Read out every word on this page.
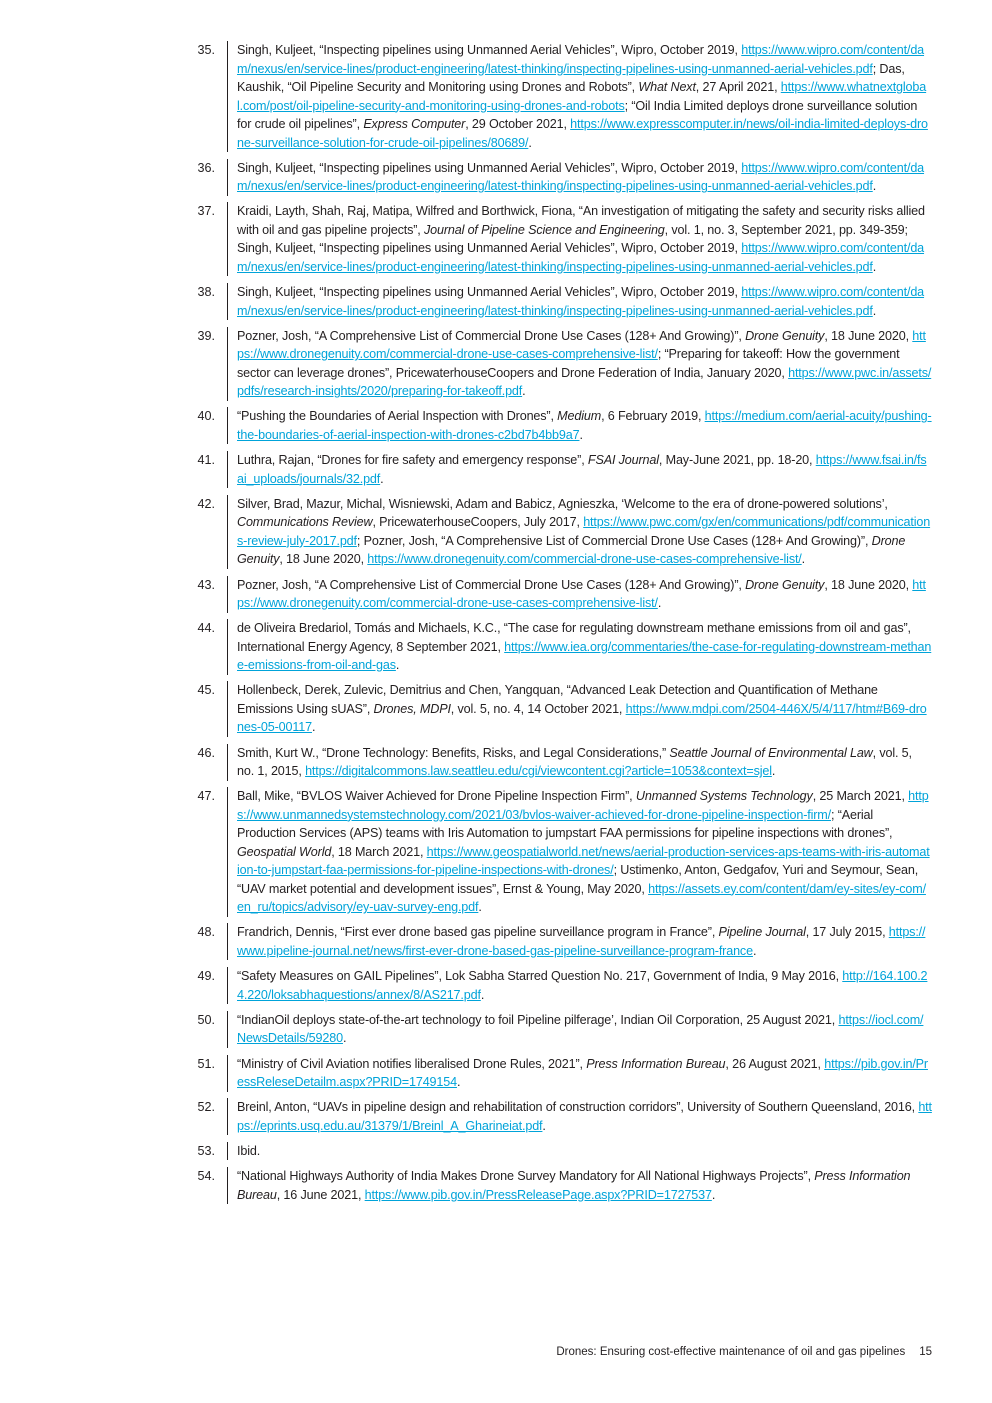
35.	Singh, Kuljeet, “Inspecting pipelines using Unmanned Aerial Vehicles”, Wipro, October 2019, https://www.wipro.com/content/dam/nexus/en/service-lines/product-engineering/latest-thinking/inspecting-pipelines-using-unmanned-aerial-vehicles.pdf; Das, Kaushik, “Oil Pipeline Security and Monitoring using Drones and Robots”, What Next, 27 April 2021, https://www.whatnextglobal.com/post/oil-pipeline-security-and-monitoring-using-drones-and-robots; “Oil India Limited deploys drone surveillance solution for crude oil pipelines”, Express Computer, 29 October 2021, https://www.expresscomputer.in/news/oil-india-limited-deploys-drone-surveillance-solution-for-crude-oil-pipelines/80689/.
36.	Singh, Kuljeet, “Inspecting pipelines using Unmanned Aerial Vehicles”, Wipro, October 2019, https://www.wipro.com/content/dam/nexus/en/service-lines/product-engineering/latest-thinking/inspecting-pipelines-using-unmanned-aerial-vehicles.pdf.
37.	Kraidi, Layth, Shah, Raj, Matipa, Wilfred and Borthwick, Fiona, “An investigation of mitigating the safety and security risks allied with oil and gas pipeline projects”, Journal of Pipeline Science and Engineering, vol. 1, no. 3, September 2021, pp. 349-359; Singh, Kuljeet, “Inspecting pipelines using Unmanned Aerial Vehicles”, Wipro, October 2019, https://www.wipro.com/content/dam/nexus/en/service-lines/product-engineering/latest-thinking/inspecting-pipelines-using-unmanned-aerial-vehicles.pdf.
38.	Singh, Kuljeet, “Inspecting pipelines using Unmanned Aerial Vehicles”, Wipro, October 2019, https://www.wipro.com/content/dam/nexus/en/service-lines/product-engineering/latest-thinking/inspecting-pipelines-using-unmanned-aerial-vehicles.pdf.
39.	Pozner, Josh, “A Comprehensive List of Commercial Drone Use Cases (128+ And Growing)”, Drone Genuity, 18 June 2020, https://www.dronegenuity.com/commercial-drone-use-cases-comprehensive-list/; “Preparing for takeoff: How the government sector can leverage drones”, PricewaterhouseCoopers and Drone Federation of India, January 2020, https://www.pwc.in/assets/pdfs/research-insights/2020/preparing-for-takeoff.pdf.
40.	“Pushing the Boundaries of Aerial Inspection with Drones”, Medium, 6 February 2019, https://medium.com/aerial-acuity/pushing-the-boundaries-of-aerial-inspection-with-drones-c2bd7b4bb9a7.
41.	Luthra, Rajan, “Drones for fire safety and emergency response”, FSAI Journal, May-June 2021, pp. 18-20, https://www.fsai.in/fsai_uploads/journals/32.pdf.
42.	Silver, Brad, Mazur, Michal, Wisniewski, Adam and Babicz, Agnieszka, ‘Welcome to the era of drone-powered solutions’, Communications Review, PricewaterhouseCoopers, July 2017, https://www.pwc.com/gx/en/communications/pdf/communications-review-july-2017.pdf; Pozner, Josh, “A Comprehensive List of Commercial Drone Use Cases (128+ And Growing)”, Drone Genuity, 18 June 2020, https://www.dronegenuity.com/commercial-drone-use-cases-comprehensive-list/.
43.	Pozner, Josh, “A Comprehensive List of Commercial Drone Use Cases (128+ And Growing)”, Drone Genuity, 18 June 2020, https://www.dronegenuity.com/commercial-drone-use-cases-comprehensive-list/.
44.	de Oliveira Bredariol, Tomás and Michaels, K.C., “The case for regulating downstream methane emissions from oil and gas”, International Energy Agency, 8 September 2021, https://www.iea.org/commentaries/the-case-for-regulating-downstream-methane-emissions-from-oil-and-gas.
45.	Hollenbeck, Derek, Zulevic, Demitrius and Chen, Yangquan, “Advanced Leak Detection and Quantification of Methane Emissions Using sUAS”, Drones, MDPI, vol. 5, no. 4, 14 October 2021, https://www.mdpi.com/2504-446X/5/4/117/htm#B69-drones-05-00117.
46.	Smith, Kurt W., “Drone Technology: Benefits, Risks, and Legal Considerations,” Seattle Journal of Environmental Law, vol. 5, no. 1, 2015, https://digitalcommons.law.seattleu.edu/cgi/viewcontent.cgi?article=1053&context=sjel.
47.	Ball, Mike, “BVLOS Waiver Achieved for Drone Pipeline Inspection Firm”, Unmanned Systems Technology, 25 March 2021, https://www.unmannedsystemstechnology.com/2021/03/bvlos-waiver-achieved-for-drone-pipeline-inspection-firm/; “Aerial Production Services (APS) teams with Iris Automation to jumpstart FAA permissions for pipeline inspections with drones”, Geospatial World, 18 March 2021, https://www.geospatialworld.net/news/aerial-production-services-aps-teams-with-iris-automation-to-jumpstart-faa-permissions-for-pipeline-inspections-with-drones/; Ustimenko, Anton, Gedgafov, Yuri and Seymour, Sean, “UAV market potential and development issues”, Ernst & Young, May 2020, https://assets.ey.com/content/dam/ey-sites/ey-com/en_ru/topics/advisory/ey-uav-survey-eng.pdf.
48.	Frandrich, Dennis, “First ever drone based gas pipeline surveillance program in France”, Pipeline Journal, 17 July 2015, https://www.pipeline-journal.net/news/first-ever-drone-based-gas-pipeline-surveillance-program-france.
49.	“Safety Measures on GAIL Pipelines”, Lok Sabha Starred Question No. 217, Government of India, 9 May 2016, http://164.100.24.220/loksabhaquestions/annex/8/AS217.pdf.
50.	“IndianOil deploys state-of-the-art technology to foil Pipeline pilferage’, Indian Oil Corporation, 25 August 2021, https://iocl.com/NewsDetails/59280.
51.	“Ministry of Civil Aviation notifies liberalised Drone Rules, 2021”, Press Information Bureau, 26 August 2021, https://pib.gov.in/PressReleseDetailm.aspx?PRID=1749154.
52.	Breinl, Anton, “UAVs in pipeline design and rehabilitation of construction corridors”, University of Southern Queensland, 2016, https://eprints.usq.edu.au/31379/1/Breinl_A_Gharineiat.pdf.
53.	Ibid.
54.	“National Highways Authority of India Makes Drone Survey Mandatory for All National Highways Projects”, Press Information Bureau, 16 June 2021, https://www.pib.gov.in/PressReleasePage.aspx?PRID=1727537.
Drones: Ensuring cost-effective maintenance of oil and gas pipelines 15
